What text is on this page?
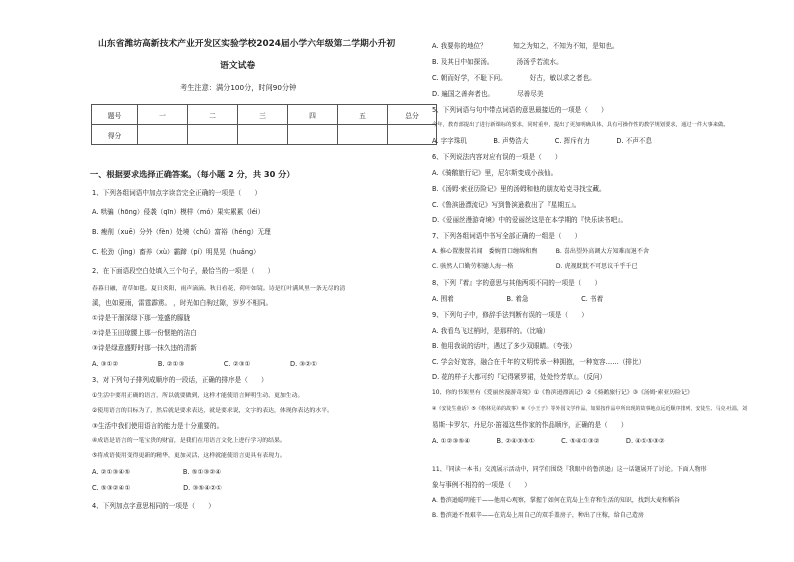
山东省潍坊高新技术产业开发区实验学校2024届小学六年级第二学期小升初
语文试卷
考生注意：满分100分，时间90分钟
题号	一	二	三	四	五	总分
得分						
一、根据要求选择正确答案。（每小题 2 分，共 30 分）
1、下列各组词语中加点字读音完全正确的一项是（　　）
A. 哄骗（hōng）侵袭（qīn）模样（mó）果实累累（léi）
B. 瘦削（xuē）分外（fèn）处境（chǔ）富裕（héng）无理
C. 松劲（jìng）畜养（xù）霸蹄（pí）明晃晃（huǎng）
2、在下面语段空白处填入三个句子，最恰当的一项是（　　）
春暮日融，青草如毯。夏日炎阳，雨声滴滴。秋日看花，荷叶如镜。诗是红叶满风里一条无尽的清
溪，也如夏雨，雷霆霹雳。 ，时光如白驹过隙，岁岁不相同。
①诗是干涸深绿下那一笼盛的朦胧
②诗是玉田琼腰上那一份惬艳的洁白
③诗是绿意盛野时那一抹久违的清新
A. ③①②　　　　　　B. ②①③　　　　　　C. ②③①　　　　　　D. ③②①
3、对下列句子排列成顺序的一段话，正确的排序是（　　）
①生活中要用正确的语言，所以就要做到，这样才能使语言鲜明生动、更加生动。
②使用语言的目标为了，然后就是要求表达，就是要求说，文字的表达，体现你表达的水平。
③生活中我们使用语言的能力是十分重要的。
④成语是语言的一笔宝贵的财富，是我们在用语言文化上进行学习的结果。
⑤将成语使用变得更新的精华，更加灵活，这样就能使语言更具有表现力。
A. ②①③④⑤　　　　　　　　B. ⑤①③②④
C. ⑤③②④①　　　　　　　　D. ③⑤④②①
4、下列加点字意思相同的一项是（　　）
A. 我要你的地位？　　　　知之为知之，不知为不知，是知也。
B. 及其日中如探汤。　　　　汤汤乎若流水。
C. 朝而好学，不耻下问。　　　　好古，敏以求之者也。
D. 遍国之善奔者也。　　　　尽善尽美
5、下列词语与句中带点词语的意思最接近的一项是（　　）
今年，教育部提出了进行新课标的要求，同时重申，提出了更加明确具体，具有可操作性的教学规划要求，通过一件大事来做。
A. 字字珠玑　　　　B. 声势浩大　　　　C. 挥斥有力　　　　D. 不声不息
6、下列说法内容对应有误的一项是（　　）
A.《骑鹅旅行记》里，尼尔斯变成小孩仙。
B.《汤姆·索亚历险记》里的汤姆和他的朋友哈克寻找宝藏。
C.《鲁滨逊漂流记》写到鲁滨逊救出了『星期五』。
D.《爱丽丝漫游奇境》中的爱丽丝这是在本学期的『快乐读书吧』。
7、下列各组词语中书写全部正确的一组是（　　）
A. 推心置腹置若闻　委婉胃口缠绵和煦　　　B. 喜出望外高调大方知难而退不舍
C. 骇然人口勤劳积德人海一格　　　　　　　D. 虎视眈眈不可思议千乎千已
8、下列『着』字的意思与其他两项不同的一项是（　　）
A. 围着　　　　　　　　B. 着急　　　　　　　　C. 书着
9、下列句子中，修辞手法判断有误的一项是（　　）
A. 我看鸟飞过梢时，是那样的。（比喻）
B. 他用我说的话叶，遇过了多少双眼睛。（夸张）
C. 学会好宽容，融合在千年的文明传承一种拥抱，一种宽容……（排比）
D. 花的样子大都可约『记得紧罗裙，处处怜芳草』。（反问）
10、你的书架里有《爱丽丝漫游奇境》①《鲁滨逊漂流记》②《骑鹅旅行记》③《汤姆·索亚历险记》
④《安徒生童话》⑤《格林兄弟的故事》⑥《小王子》等外国文学作品。如果按作品中所出现的故事地点远近顺序排列，安徒生、马克·吐温，刘
易斯·卡罗尔、丹尼尔·笛福这些作家的作品顺序，正确的是（　　）
A. ①②③⑤④　　　　B. ②④③⑤①　　　　C. ⑤④①③②　　　　D. ④①⑤③②
11、『同读一本书』交流展示活动中，同学们围绕『我眼中的鲁滨逊』这一话题展开了讨论。下面人物形
象与事例不相符的一项是（　　）
A. 鲁滨逊聪明能干——他用心观察，掌握了如何在荒岛上生存和生活的知识，找到大麦和稻谷
B. 鲁滨逊不畏艰辛——在荒岛上用自己的双手盖房子，种出了庄稼，给自己造房
